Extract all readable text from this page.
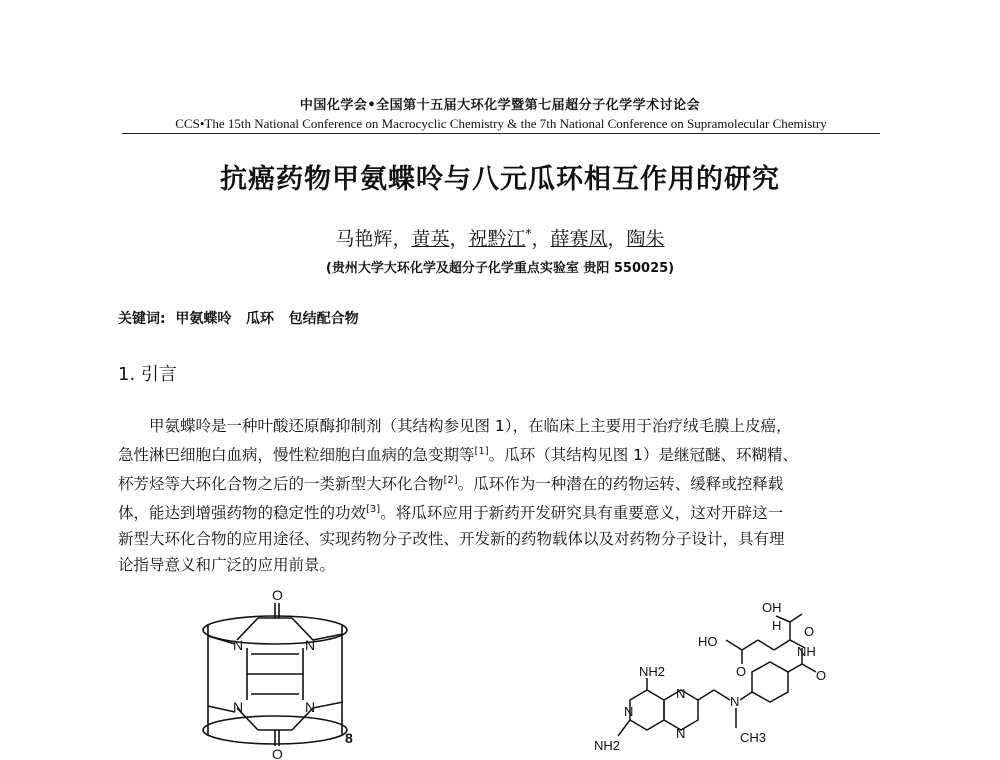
中国化学会•全国第十五届大环化学暨第七届超分子化学学术讨论会
CCS•The 15th National Conference on Macrocyclic Chemistry & the 7th National Conference on Supramolecular Chemistry
抗癌药物甲氨蝶呤与八元瓜环相互作用的研究
马艳辉，黄英，祝黔江*，薛赛凤，陶朱
(贵州大学大环化学及超分子化学重点实验室 贵阳 550025)
关键词: 甲氨蝶呤 瓜环 包结配合物
1. 引言
甲氨蝶呤是一种叶酸还原酶抑制剂（其结构参见图 1），在临床上主要用于治疗绒毛膜上皮癌，
急性淋巴细胞白血病，慢性粒细胞白血病的急变期等[1]。瓜环（其结构见图 1）是继冠醚、环糊精、
杯芳烃等大环化合物之后的一类新型大环化合物[2]。瓜环作为一种潜在的药物运转、缓释或控释载
体，能达到增强药物的稳定性的功效[3]。将瓜环应用于新药开发研究具有重要意义，这对开辟这一
新型大环化合物的应用途径、实现药物分子改性、开发新的药物载体以及对药物分子设计，具有理
论指导意义和广泛的应用前景。
O
N	N
N	N
O
8
OH
H O
HO
O
NH
O
NH2
NH2
N
N
N
N	CH3
